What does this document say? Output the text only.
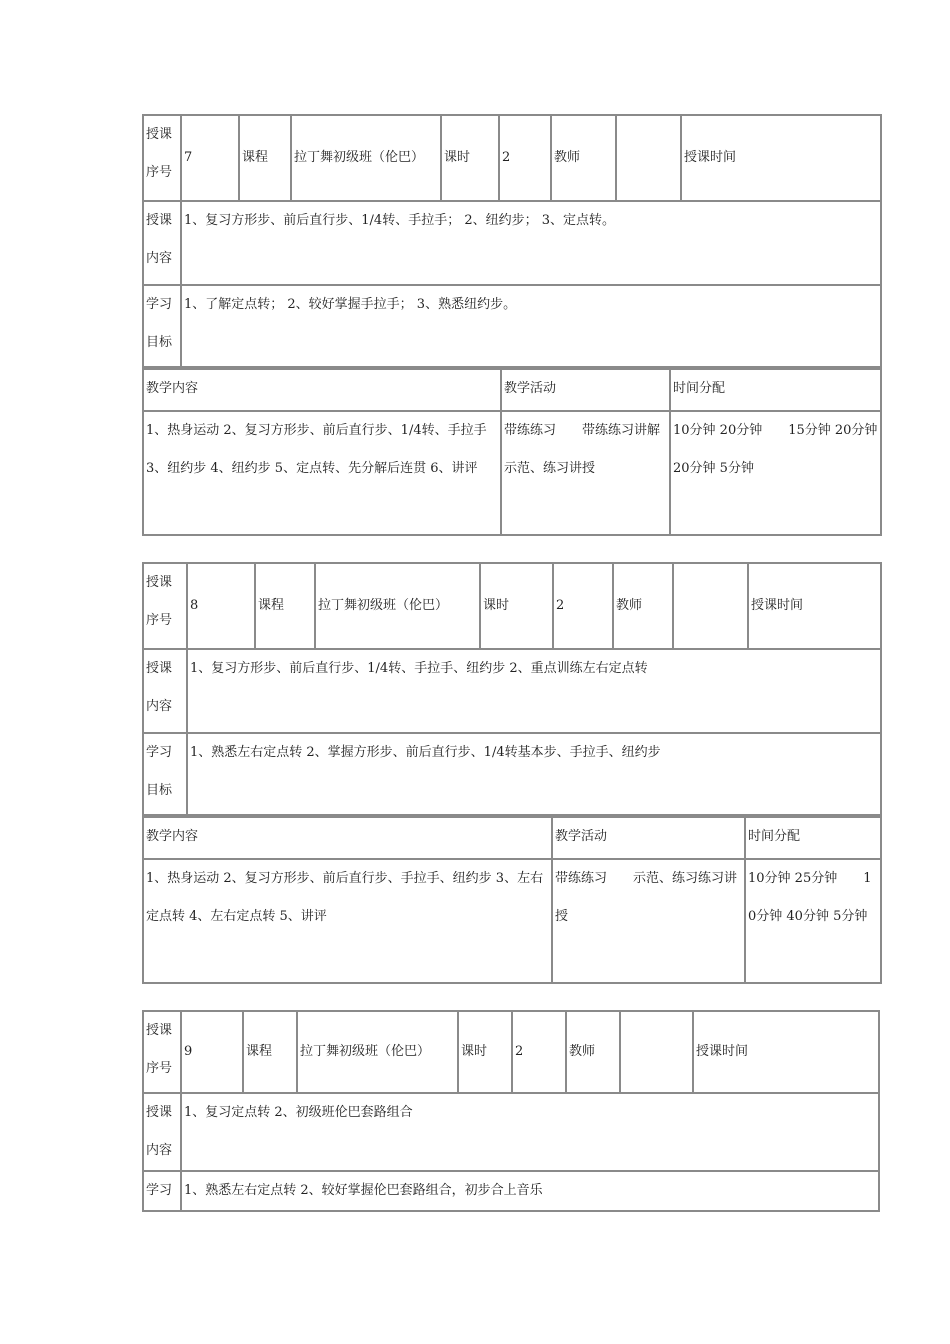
授课序号	7	课程	拉丁舞初级班（伦巴）	课时	2	教师		授课时间
授课内容	1、复习方形步、前后直行步、1/4转、手拉手； 2、纽约步； 3、定点转。							
学习目标	1、了解定点转； 2、较好掌握手拉手； 3、熟悉纽约步。							
教学内容	教学活动	时间分配
1、热身运动 2、复习方形步、前后直行步、1/4转、手拉手 3、纽约步 4、纽约步 5、定点转、先分解后连贯 6、讲评	带练练习　　带练练习讲解示范、练习讲授	10分钟 20分钟　　15分钟 20分钟 20分钟 5分钟
授课序号	8	课程	拉丁舞初级班（伦巴）	课时	2	教师		授课时间
授课内容	1、复习方形步、前后直行步、1/4转、手拉手、纽约步 2、重点训练左右定点转							
学习目标	1、熟悉左右定点转 2、掌握方形步、前后直行步、1/4转基本步、手拉手、纽约步							
教学内容	教学活动	时间分配
1、热身运动 2、复习方形步、前后直行步、手拉手、纽约步 3、左右定点转 4、左右定点转 5、讲评	带练练习　　示范、练习练习讲授	10分钟 25分钟　　10分钟 40分钟 5分钟
授课序号	9	课程	拉丁舞初级班（伦巴）	课时	2	教师		授课时间
授课内容	1、复习定点转 2、初级班伦巴套路组合							
学习	1、熟悉左右定点转 2、较好掌握伦巴套路组合，初步合上音乐							
